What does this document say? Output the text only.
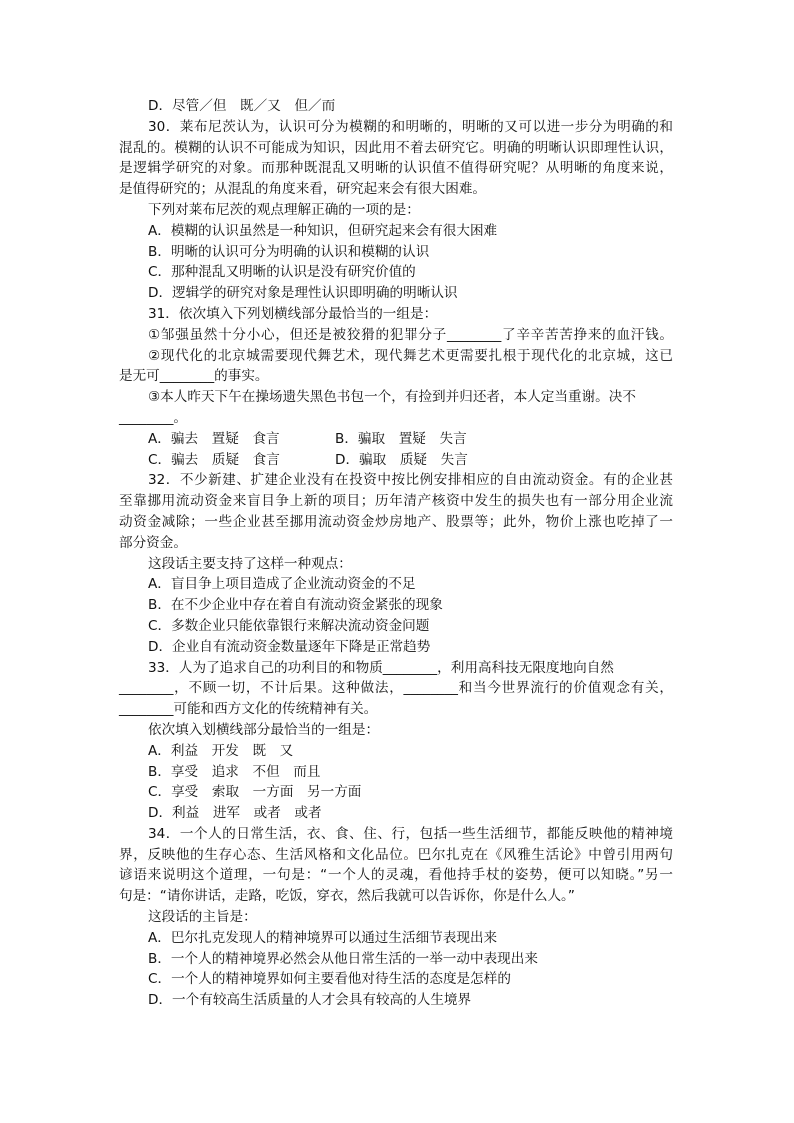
D．尽管／但　既／又　但／而
30．莱布尼茨认为，认识可分为模糊的和明晰的，明晰的又可以进一步分为明确的和
混乱的。模糊的认识不可能成为知识，因此用不着去研究它。明确的明晰认识即理性认识，
是逻辑学研究的对象。而那种既混乱又明晰的认识值不值得研究呢？从明晰的角度来说，
是值得研究的；从混乱的角度来看，研究起来会有很大困难。
下列对莱布尼茨的观点理解正确的一项的是：
A．模糊的认识虽然是一种知识，但研究起来会有很大困难
B．明晰的认识可分为明确的认识和模糊的认识
C．那种混乱又明晰的认识是没有研究价值的
D．逻辑学的研究对象是理性认识即明确的明晰认识
31．依次填入下列划横线部分最恰当的一组是：
①邹强虽然十分小心，但还是被狡猾的犯罪分子________了辛辛苦苦挣来的血汗钱。
②现代化的北京城需要现代舞艺术，现代舞艺术更需要扎根于现代化的北京城，这已
是无可________的事实。
③本人昨天下午在操场遗失黑色书包一个，有捡到并归还者，本人定当重谢。决不
________。
A．骗去　置疑　食言	B．骗取　置疑　失言
C．骗去　质疑　食言	D．骗取　质疑　失言
32．不少新建、扩建企业没有在投资中按比例安排相应的自由流动资金。有的企业甚
至靠挪用流动资金来盲目争上新的项目；历年清产核资中发生的损失也有一部分用企业流
动资金减除；一些企业甚至挪用流动资金炒房地产、股票等；此外，物价上涨也吃掉了一
部分资金。
这段话主要支持了这样一种观点：
A．盲目争上项目造成了企业流动资金的不足
B．在不少企业中存在着自有流动资金紧张的现象
C．多数企业只能依靠银行来解决流动资金问题
D．企业自有流动资金数量逐年下降是正常趋势
33．人为了追求自己的功利目的和物质________，利用高科技无限度地向自然
________，不顾一切，不计后果。这种做法，________和当今世界流行的价值观念有关，
________可能和西方文化的传统精神有关。
依次填入划横线部分最恰当的一组是：
A．利益　开发　既　又
B．享受　追求　不但　而且
C．享受　索取　一方面　另一方面
D．利益　进军　或者　或者
34．一个人的日常生活，衣、食、住、行，包括一些生活细节，都能反映他的精神境
界，反映他的生存心态、生活风格和文化品位。巴尔扎克在《风雅生活论》中曾引用两句
谚语来说明这个道理，一句是：“一个人的灵魂，看他持手杖的姿势，便可以知晓。”另一
句是：“请你讲话，走路，吃饭，穿衣，然后我就可以告诉你，你是什么人。”
这段话的主旨是：
A．巴尔扎克发现人的精神境界可以通过生活细节表现出来
B．一个人的精神境界必然会从他日常生活的一举一动中表现出来
C．一个人的精神境界如何主要看他对待生活的态度是怎样的
D．一个有较高生活质量的人才会具有较高的人生境界
